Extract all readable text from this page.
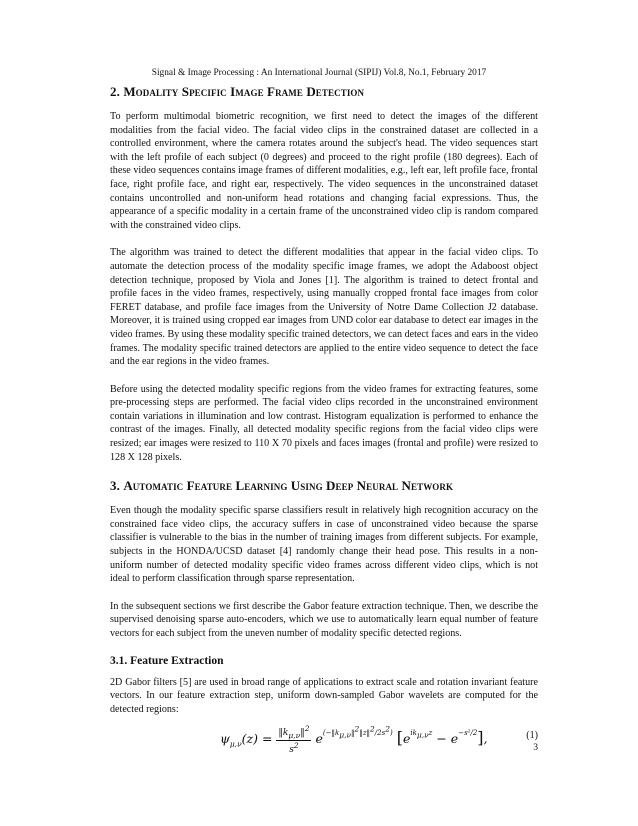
Signal & Image Processing : An International Journal (SIPIJ) Vol.8, No.1, February 2017
2. Modality Specific Image Frame Detection

To perform multimodal biometric recognition, we first need to detect the images of the different modalities from the facial video. The facial video clips in the constrained dataset are collected in a controlled environment, where the camera rotates around the subject's head. The video sequences start with the left profile of each subject (0 degrees) and proceed to the right profile (180 degrees). Each of these video sequences contains image frames of different modalities, e.g., left ear, left profile face, frontal face, right profile face, and right ear, respectively. The video sequences in the unconstrained dataset contains uncontrolled and non-uniform head rotations and changing facial expressions. Thus, the appearance of a specific modality in a certain frame of the unconstrained video clip is random compared with the constrained video clips.

The algorithm was trained to detect the different modalities that appear in the facial video clips. To automate the detection process of the modality specific image frames, we adopt the Adaboost object detection technique, proposed by Viola and Jones [1]. The algorithm is trained to detect frontal and profile faces in the video frames, respectively, using manually cropped frontal face images from color FERET database, and profile face images from the University of Notre Dame Collection J2 database. Moreover, it is trained using cropped ear images from UND color ear database to detect ear images in the video frames. By using these modality specific trained detectors, we can detect faces and ears in the video frames. The modality specific trained detectors are applied to the entire video sequence to detect the face and the ear regions in the video frames.

Before using the detected modality specific regions from the video frames for extracting features, some pre-processing steps are performed. The facial video clips recorded in the unconstrained environment contain variations in illumination and low contrast. Histogram equalization is performed to enhance the contrast of the images. Finally, all detected modality specific regions from the facial video clips were resized; ear images were resized to 110 X 70 pixels and faces images (frontal and profile) were resized to 128 X 128 pixels.

3. Automatic Feature Learning Using Deep Neural Network

Even though the modality specific sparse classifiers result in relatively high recognition accuracy on the constrained face video clips, the accuracy suffers in case of unconstrained video because the sparse classifier is vulnerable to the bias in the number of training images from different subjects. For example, subjects in the HONDA/UCSD dataset [4] randomly change their head pose. This results in a non-uniform number of detected modality specific video frames across different video clips, which is not ideal to perform classification through sparse representation.

In the subsequent sections we first describe the Gabor feature extraction technique. Then, we describe the supervised denoising sparse auto-encoders, which we use to automatically learn equal number of feature vectors for each subject from the uneven number of modality specific detected regions.

3.1. Feature Extraction

2D Gabor filters [5] are used in broad range of applications to extract scale and rotation invariant feature vectors. In our feature extraction step, uniform down-sampled Gabor wavelets are computed for the detected regions:

$\psi_{\mu,\nu}(z) = \frac{‖k_{\mu,\nu}‖^2}{s^2} e^{(-‖k_{\mu,\nu}‖^2‖z‖^2/2s^2)}$ $[e^{ik_{\mu,\nu}z} - e^{-s^2/2}]$,	(1)
3
